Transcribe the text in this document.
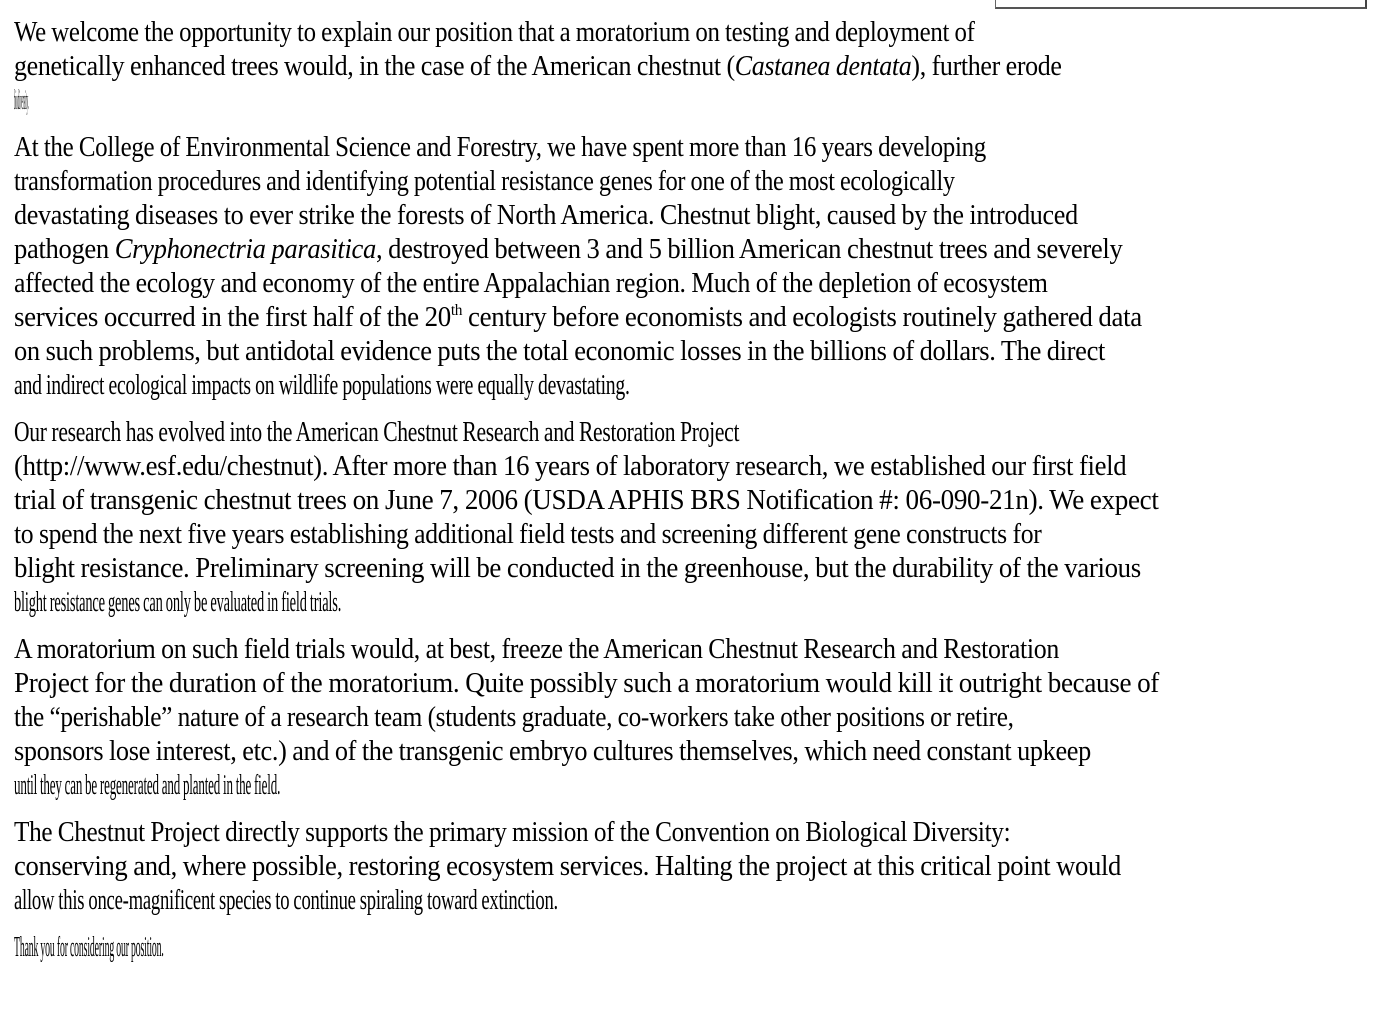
We welcome the opportunity to explain our position that a moratorium on testing and deployment of
genetically enhanced trees would, in the case of the American chestnut (Castanea dentata), further erode
biodiversity.

At the College of Environmental Science and Forestry, we have spent more than 16 years developing
transformation procedures and identifying potential resistance genes for one of the most ecologically
devastating diseases to ever strike the forests of North America. Chestnut blight, caused by the introduced
pathogen Cryphonectria parasitica, destroyed between 3 and 5 billion American chestnut trees and severely
affected the ecology and economy of the entire Appalachian region. Much of the depletion of ecosystem
services occurred in the first half of the 20th century before economists and ecologists routinely gathered data
on such problems, but antidotal evidence puts the total economic losses in the billions of dollars. The direct
and indirect ecological impacts on wildlife populations were equally devastating.

Our research has evolved into the American Chestnut Research and Restoration Project
(http://www.esf.edu/chestnut). After more than 16 years of laboratory research, we established our first field
trial of transgenic chestnut trees on June 7, 2006 (USDA APHIS BRS Notification #: 06-090-21n). We expect
to spend the next five years establishing additional field tests and screening different gene constructs for
blight resistance. Preliminary screening will be conducted in the greenhouse, but the durability of the various
blight resistance genes can only be evaluated in field trials.

A moratorium on such field trials would, at best, freeze the American Chestnut Research and Restoration
Project for the duration of the moratorium. Quite possibly such a moratorium would kill it outright because of
the “perishable” nature of a research team (students graduate, co-workers take other positions or retire,
sponsors lose interest, etc.) and of the transgenic embryo cultures themselves, which need constant upkeep
until they can be regenerated and planted in the field.

The Chestnut Project directly supports the primary mission of the Convention on Biological Diversity:
conserving and, where possible, restoring ecosystem services. Halting the project at this critical point would
allow this once-magnificent species to continue spiraling toward extinction.

Thank you for considering our position.
